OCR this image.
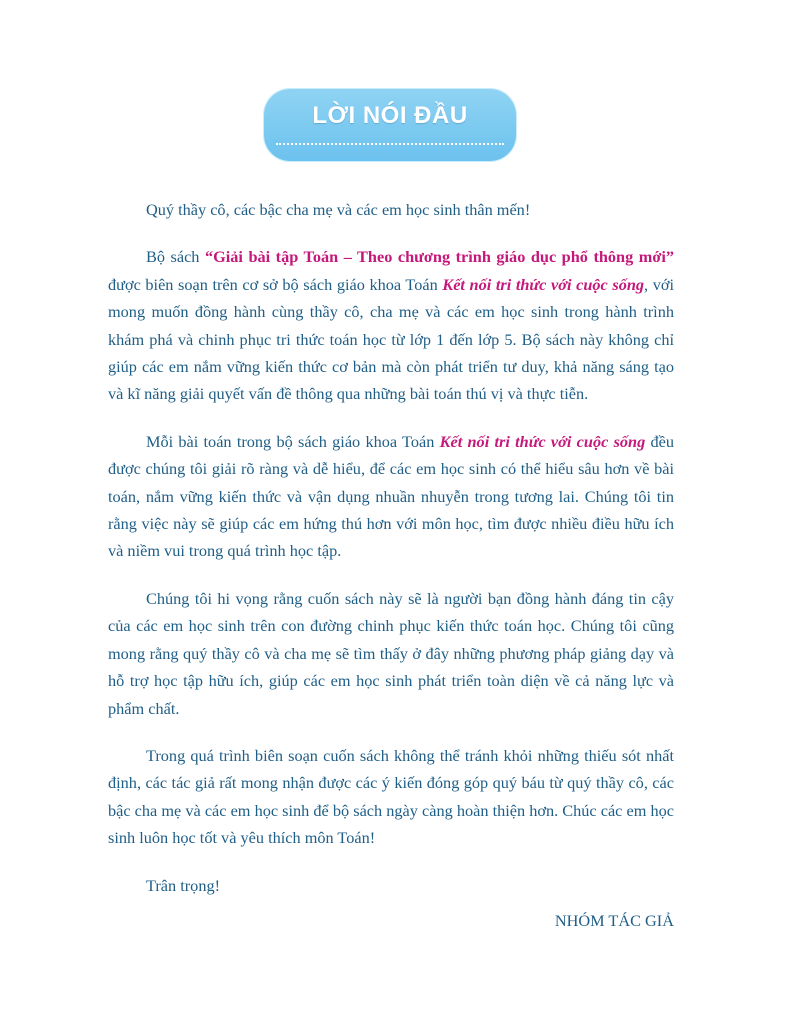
LỜI NÓI ĐẦU

Quý thầy cô, các bậc cha mẹ và các em học sinh thân mến!

Bộ sách “Giải bài tập Toán – Theo chương trình giáo dục phổ thông mới” được biên soạn trên cơ sở bộ sách giáo khoa Toán Kết nối tri thức với cuộc sống, với mong muốn đồng hành cùng thầy cô, cha mẹ và các em học sinh trong hành trình khám phá và chinh phục tri thức toán học từ lớp 1 đến lớp 5. Bộ sách này không chỉ giúp các em nắm vững kiến thức cơ bản mà còn phát triển tư duy, khả năng sáng tạo và kĩ năng giải quyết vấn đề thông qua những bài toán thú vị và thực tiễn.

Mỗi bài toán trong bộ sách giáo khoa Toán Kết nối tri thức với cuộc sống đều được chúng tôi giải rõ ràng và dễ hiểu, để các em học sinh có thể hiểu sâu hơn về bài toán, nắm vững kiến thức và vận dụng nhuần nhuyễn trong tương lai. Chúng tôi tin rằng việc này sẽ giúp các em hứng thú hơn với môn học, tìm được nhiều điều hữu ích và niềm vui trong quá trình học tập.

Chúng tôi hi vọng rằng cuốn sách này sẽ là người bạn đồng hành đáng tin cậy của các em học sinh trên con đường chinh phục kiến thức toán học. Chúng tôi cũng mong rằng quý thầy cô và cha mẹ sẽ tìm thấy ở đây những phương pháp giảng dạy và hỗ trợ học tập hữu ích, giúp các em học sinh phát triển toàn diện về cả năng lực và phẩm chất.

Trong quá trình biên soạn cuốn sách không thể tránh khỏi những thiếu sót nhất định, các tác giả rất mong nhận được các ý kiến đóng góp quý báu từ quý thầy cô, các bậc cha mẹ và các em học sinh để bộ sách ngày càng hoàn thiện hơn. Chúc các em học sinh luôn học tốt và yêu thích môn Toán!

Trân trọng!

NHÓM TÁC GIẢ
